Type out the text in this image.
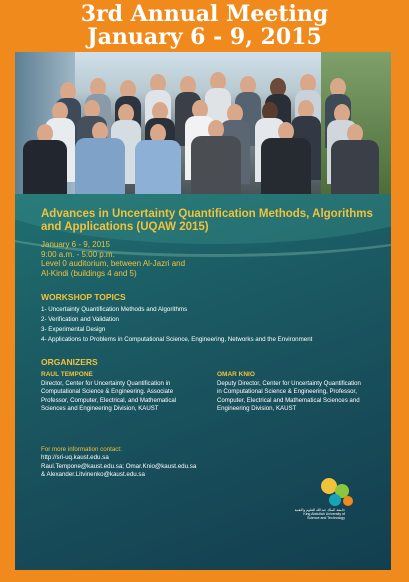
3rd Annual Meeting
January 6 - 9, 2015
Advances in Uncertainty Quantification Methods, Algorithms and Applications (UQAW 2015)
January 6 - 9, 2015
9:00 a.m. - 5:00 p.m.
Level 0 auditorium, between Al-Jazri and
Al-Kindi (buildings 4 and 5)
WORKSHOP TOPICS
1- Uncertainty Quantification Methods and Algorithms
2- Verification and Validation
3- Experimental Design
4- Applications to Problems in Computational Science, Engineering, Networks and the Environment
ORGANIZERS
RAUL TEMPONE
Director, Center for Uncertainty Quantification in Computational Science & Engineering. Associate Professor, Computer, Electrical, and Mathematical Sciences and Engineering Division, KAUST
OMAR KNIO
Deputy Director, Center for Uncertainty Quantification in Computational Science & Engineering, Professor, Computer, Electrical and Mathematical Sciences and Engineering Division, KAUST
For more information contact:
http://sri-uq.kaust.edu.sa
Raul.Tempone@kaust.edu.sa; Omar.Knio@kaust.edu.sa
& Alexander.Litvinenko@kaust.edu.sa
جامعة الملك عبدالله للعلوم والتقنية
King Abdullah University of
Science and Technology
